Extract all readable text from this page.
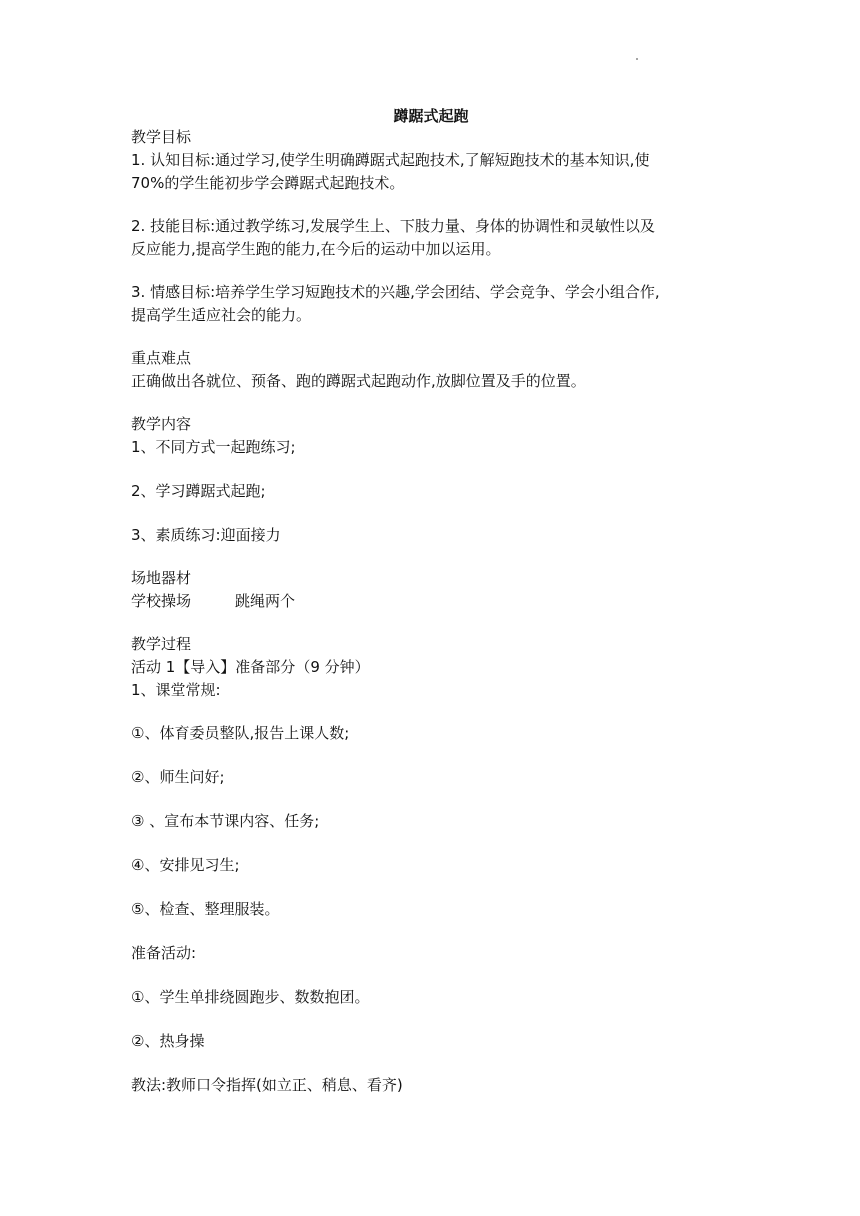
蹲踞式起跑
教学目标
1. 认知目标:通过学习,使学生明确蹲踞式起跑技术,了解短跑技术的基本知识,使
70%的学生能初步学会蹲踞式起跑技术。
2. 技能目标:通过教学练习,发展学生上、下肢力量、身体的协调性和灵敏性以及
反应能力,提高学生跑的能力,在今后的运动中加以运用。
3. 情感目标:培养学生学习短跑技术的兴趣,学会团结、学会竞争、学会小组合作,
提高学生适应社会的能力。
重点难点
正确做出各就位、预备、跑的蹲踞式起跑动作,放脚位置及手的位置。
教学内容
1、不同方式一起跑练习;
2、学习蹲踞式起跑;
3、素质练习:迎面接力
场地器材
学校操场	跳绳两个
教学过程
活动 1【导入】准备部分（9 分钟）
1、课堂常规:
①、体育委员整队,报告上课人数;
②、师生问好;
③ 、宣布本节课内容、任务;
④、安排见习生;
⑤、检查、整理服装。
准备活动:
①、学生单排绕圆跑步、数数抱团。
②、热身操
教法:教师口令指挥(如立正、稍息、看齐)
